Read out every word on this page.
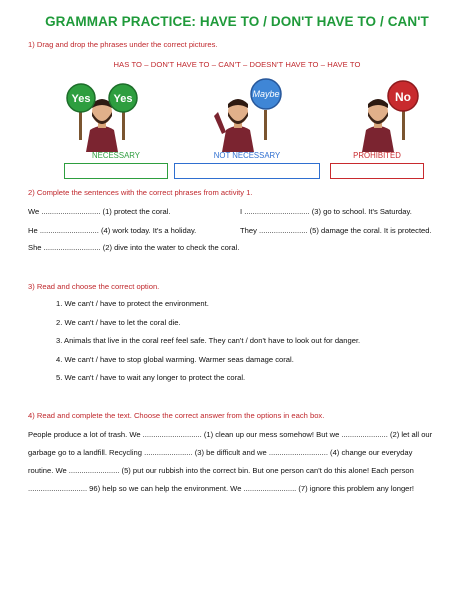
GRAMMAR PRACTICE: HAVE TO / DON'T HAVE TO / CAN'T
1) Drag and drop the phrases under the correct pictures.
HAS TO – DON'T HAVE TO – CAN'T – DOESN'T HAVE TO – HAVE TO
Yes Yes	Maybe	No
NECESSARY	NOT NECESSARY	PROHIBITED
2) Complete the sentences with the correct phrases from activity 1.
We ............................ (1) protect the coral.	I ............................... (3) go to school. It's Saturday.
He ............................ (4) work today. It's a holiday.	They ....................... (5) damage the coral. It is protected.
She ........................... (2) dive into the water to check the coral.
3) Read and choose the correct option.
1. We can't / have to protect the environment.
2. We can't / have to let the coral die.
3. Animals that live in the coral reef feel safe. They can't / don't have to look out for danger.
4. We can't / have to stop global warming. Warmer seas damage coral.
5. We can't / have to wait any longer to protect the coral.
4) Read and complete the text. Choose the correct answer from the options in each box.
People produce a lot of trash. We ............................ (1) clean up our mess somehow! But we ...................... (2) let all our
garbage go to a landfill. Recycling ....................... (3) be difficult and we ............................ (4) change our everyday
routine. We ........................ (5) put our rubbish into the correct bin. But one person can't do this alone! Each person
............................ 96) help so we can help the environment. We ......................... (7) ignore this problem any longer!
